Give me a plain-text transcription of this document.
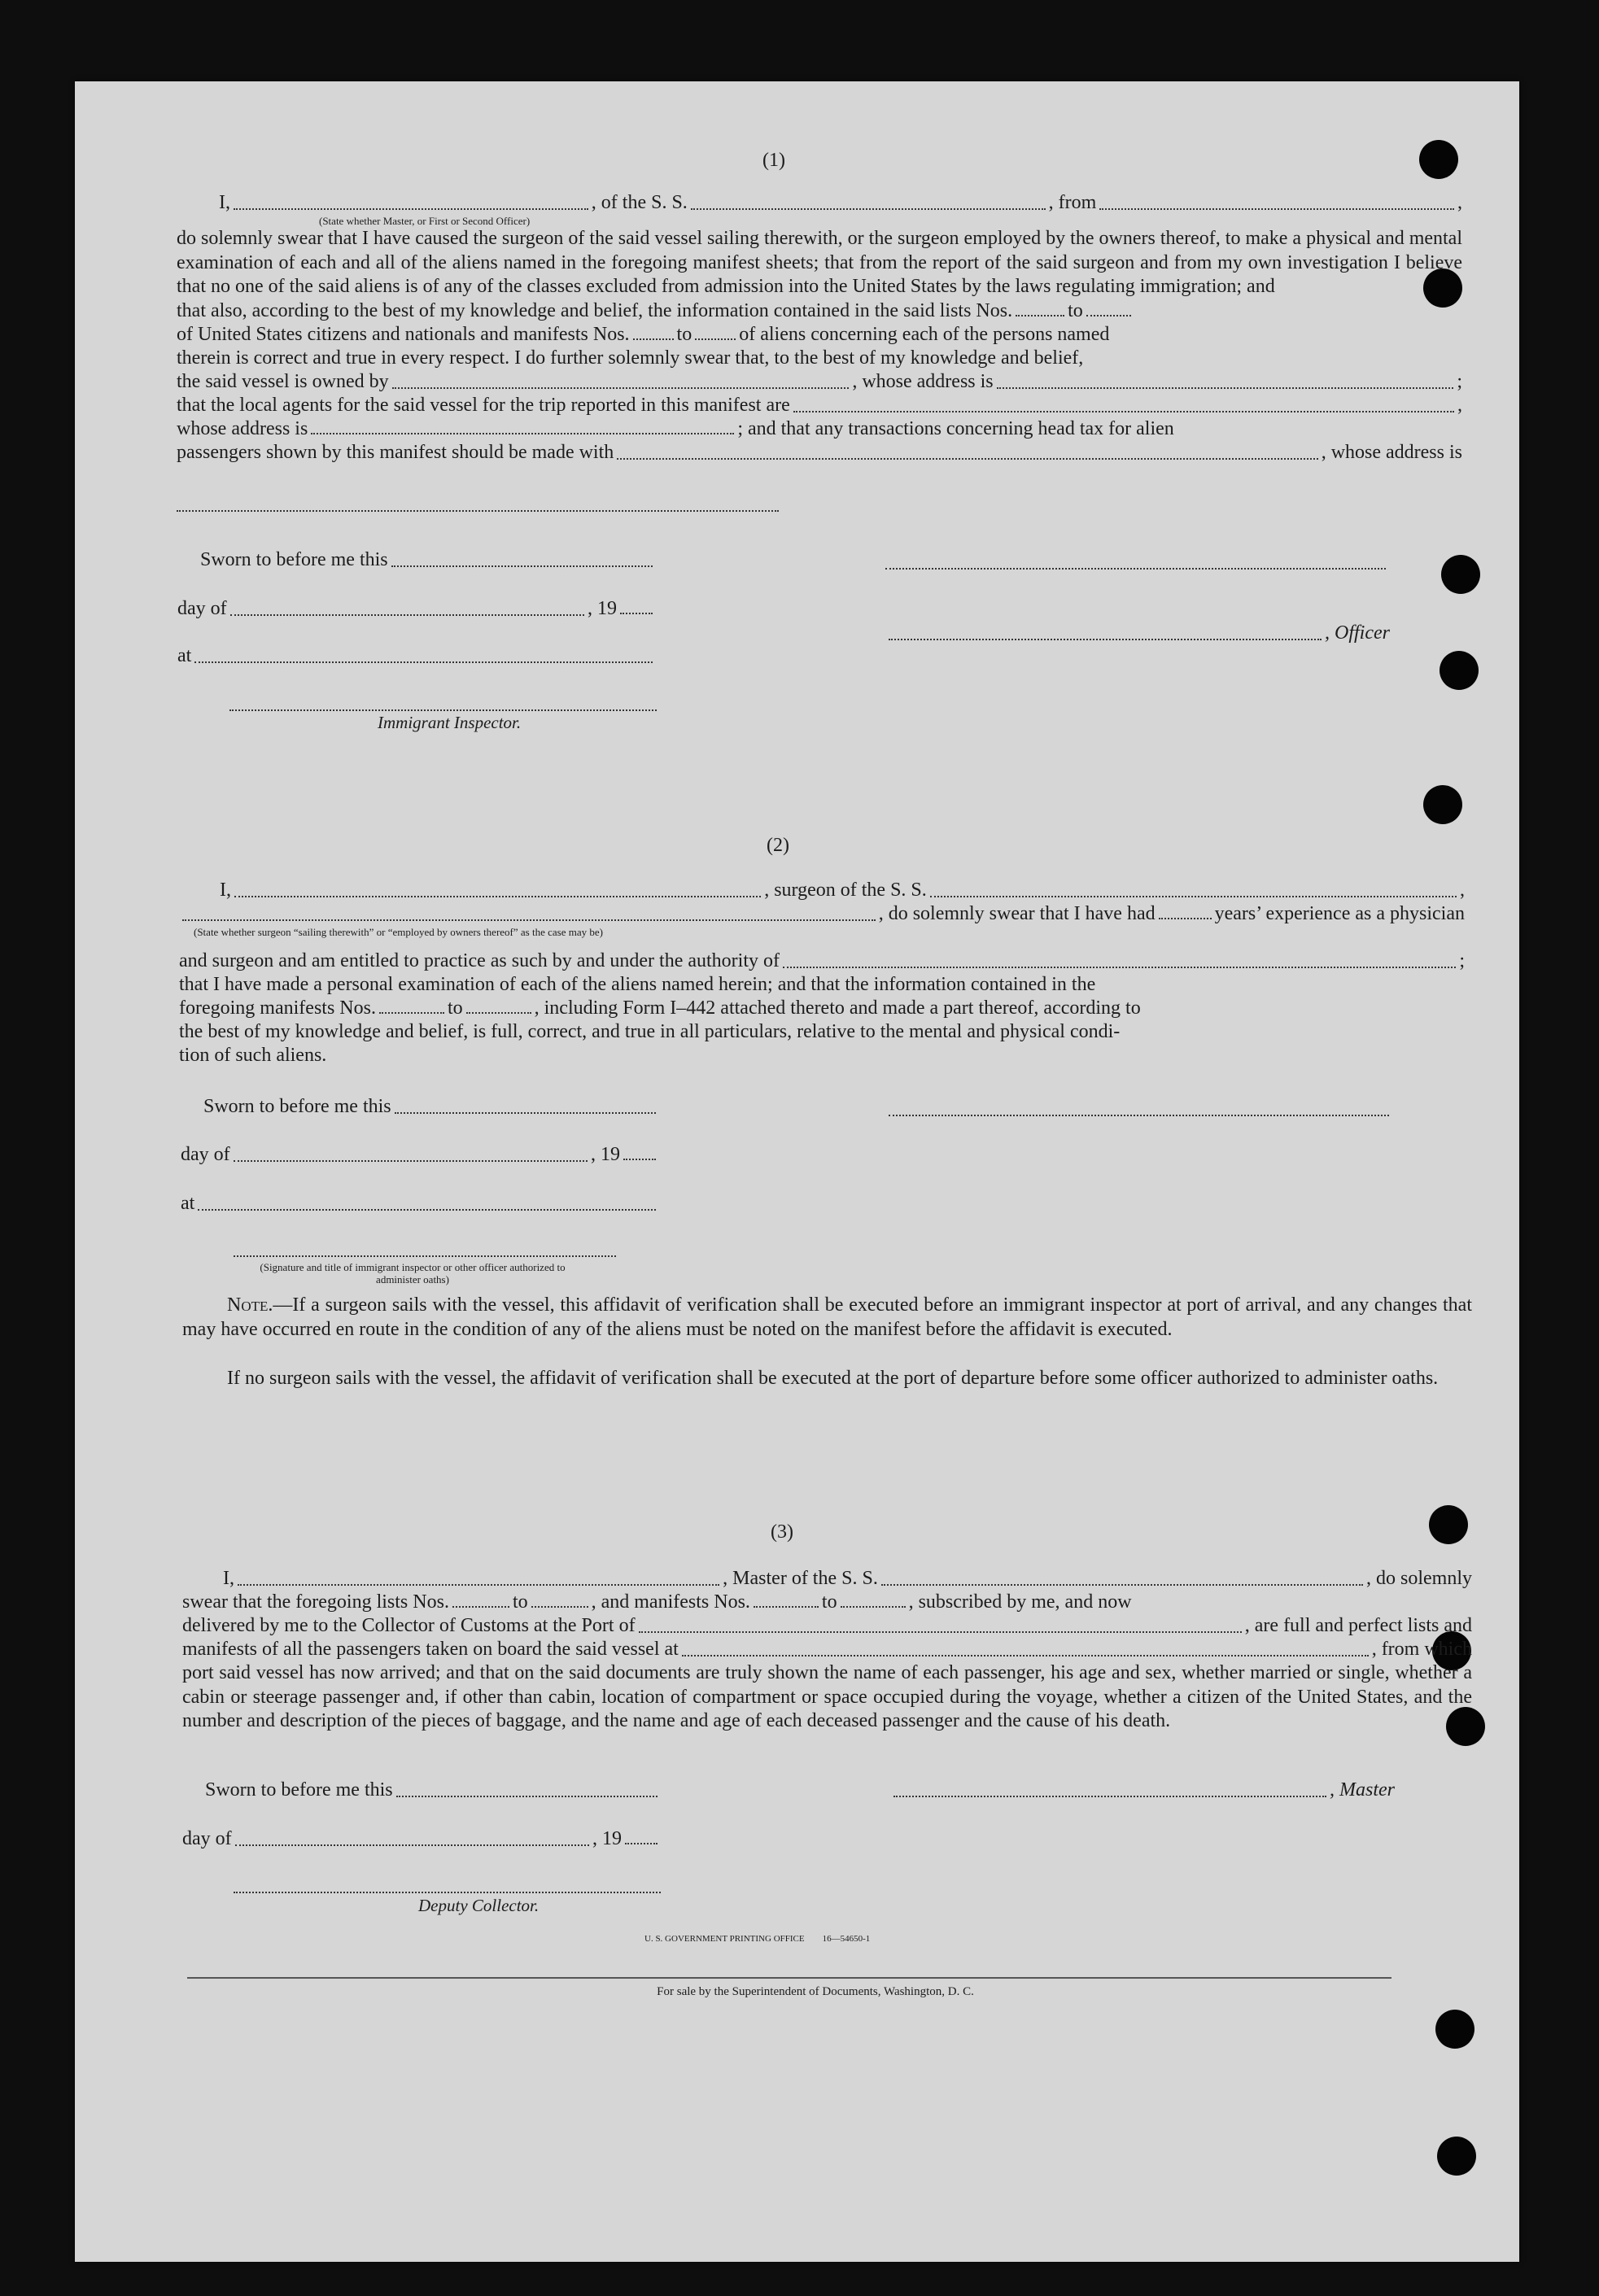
(1)
I,	, of the S. S.	, from	,
(State whether Master, or First or Second Officer)
do solemnly swear that I have caused the surgeon of the said vessel sailing therewith, or the surgeon employed by the owners thereof, to make a physical and mental examination of each and all of the aliens named in the foregoing manifest sheets; that from the report of the said surgeon and from my own investigation I believe that no one of the said aliens is of any of the classes excluded from admission into the United States by the laws regulating immigration; and
that also, according to the best of my knowledge and belief, the information contained in the said lists Nos.	to
of United States citizens and nationals and manifests Nos. to of aliens concerning each of the persons named
therein is correct and true in every respect. I do further solemnly swear that, to the best of my knowledge and belief,
the said vessel is owned by	, whose address is	;
that the local agents for the said vessel for the trip reported in this manifest are	,
whose address is	; and that any transactions concerning head tax for alien
passengers shown by this manifest should be made with	, whose address is
Sworn to before me this
day of	, 19
, Officer
at
Immigrant Inspector.
(2)
I,	, surgeon of the S. S.	,
, do solemnly swear that I have had	years’ experience as a physician
(State whether surgeon “sailing therewith” or “employed by owners thereof” as the case may be)
and surgeon and am entitled to practice as such by and under the authority of	;
that I have made a personal examination of each of the aliens named herein; and that the information contained in the
foregoing manifests Nos.	to	, including Form I–442 attached thereto and made a part thereof, according to
the best of my knowledge and belief, is full, correct, and true in all particulars, relative to the mental and physical condi-
tion of such aliens.
Sworn to before me this
day of	, 19
at
(Signature and title of immigrant inspector or other officer authorized to administer oaths)
Note.—If a surgeon sails with the vessel, this affidavit of verification shall be executed before an immigrant inspector at port of arrival, and any changes that may have occurred en route in the condition of any of the aliens must be noted on the manifest before the affidavit is executed.
If no surgeon sails with the vessel, the affidavit of verification shall be executed at the port of departure before some officer authorized to administer oaths.
(3)
I,	, Master of the S. S.	, do solemnly
swear that the foregoing lists Nos.	to	, and manifests Nos.	to	, subscribed by me, and now
delivered by me to the Collector of Customs at the Port of	, are full and perfect lists and
manifests of all the passengers taken on board the said vessel at	, from which
port said vessel has now arrived; and that on the said documents are truly shown the name of each passenger, his age and sex, whether married or single, whether a cabin or steerage passenger and, if other than cabin, location of compartment or space occupied during the voyage, whether a citizen of the United States, and the number and description of the pieces of baggage, and the name and age of each deceased passenger and the cause of his death.
Sworn to before me this	, Master
day of	, 19
Deputy Collector.
U. S. GOVERNMENT PRINTING OFFICE        16—54650-1
For sale by the Superintendent of Documents, Washington, D. C.
